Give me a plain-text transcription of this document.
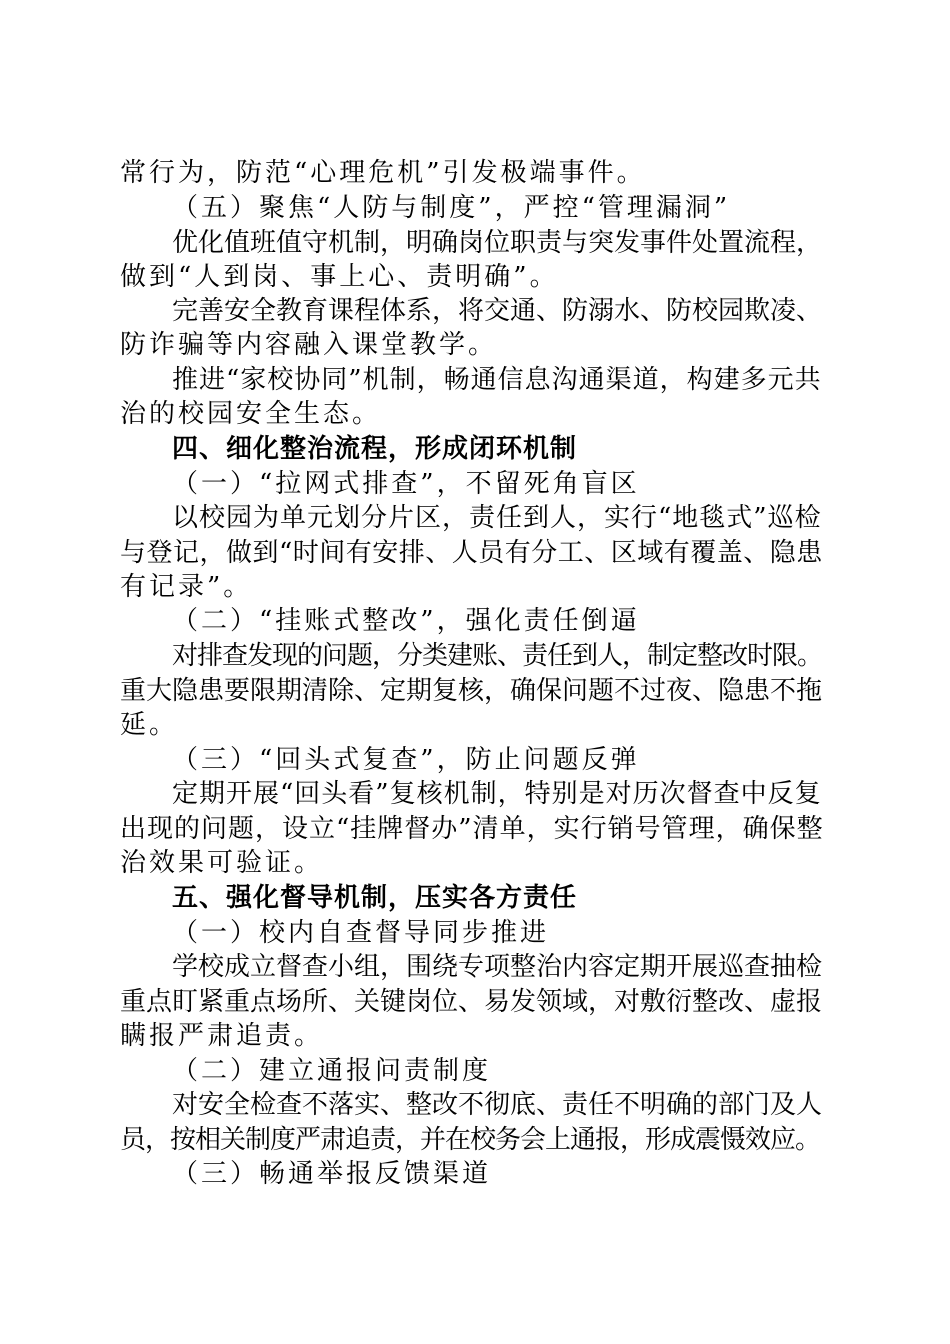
常行为，防范“心理危机”引发极端事件。
（五）聚焦“人防与制度”，严控“管理漏洞”
优化值班值守机制，明确岗位职责与突发事件处置流程，
做到“人到岗、事上心、责明确”。
完善安全教育课程体系，将交通、防溺水、防校园欺凌、
防诈骗等内容融入课堂教学。
推进“家校协同”机制，畅通信息沟通渠道，构建多元共
治的校园安全生态。
四、细化整治流程，形成闭环机制
（一）“拉网式排查”，不留死角盲区
以校园为单元划分片区，责任到人，实行“地毯式”巡检
与登记，做到“时间有安排、人员有分工、区域有覆盖、隐患
有记录”。
（二）“挂账式整改”，强化责任倒逼
对排查发现的问题，分类建账、责任到人，制定整改时限。
重大隐患要限期清除、定期复核，确保问题不过夜、隐患不拖
延。
（三）“回头式复查”，防止问题反弹
定期开展“回头看”复核机制，特别是对历次督查中反复
出现的问题，设立“挂牌督办”清单，实行销号管理，确保整
治效果可验证。
五、强化督导机制，压实各方责任
（一）校内自查督导同步推进
学校成立督查小组，围绕专项整治内容定期开展巡查抽检
重点盯紧重点场所、关键岗位、易发领域，对敷衍整改、虚报
瞒报严肃追责。
（二）建立通报问责制度
对安全检查不落实、整改不彻底、责任不明确的部门及人
员，按相关制度严肃追责，并在校务会上通报，形成震慑效应。
（三）畅通举报反馈渠道
